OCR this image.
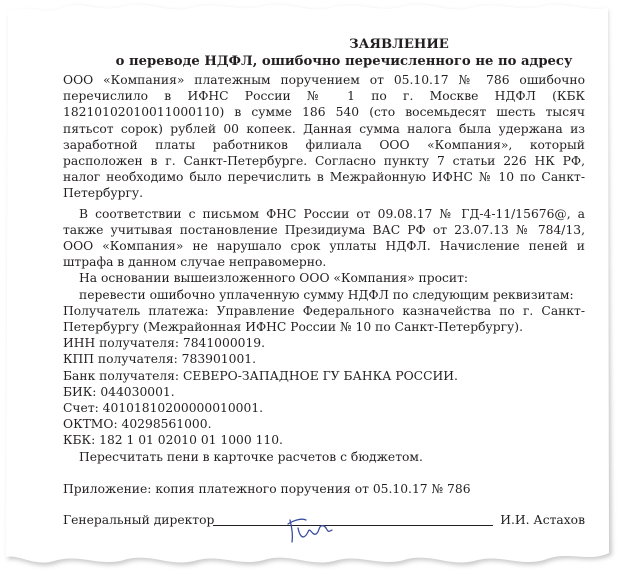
ЗАЯВЛЕНИЕ
о переводе НДФЛ, ошибочно перечисленного не по адресу

ООО «Компания» платежным поручением от 05.10.17 № 786 ошибочно перечислило в ИФНС России № 1 по г. Москве НДФЛ (КБК 18210102010011000110) в сумме 186 540 (сто восемьдесят шесть тысяч пятьсот сорок) рублей 00 копеек. Данная сумма налога была удержана из заработной платы работников филиала ООО «Компания», который расположен в г. Санкт-Петербурге. Согласно пункту 7 статьи 226 НК РФ, налог необходимо было перечислить в Межрайонную ИФНС № 10 по Санкт-Петербургу.

В соответствии с письмом ФНС России от 09.08.17 № ГД-4-11/15676@, а также учитывая постановление Президиума ВАС РФ от 23.07.13 № 784/13, ООО «Компания» не нарушало срок уплаты НДФЛ. Начисление пеней и штрафа в данном случае неправомерно.

На основании вышеизложенного ООО «Компания» просит:

перевести ошибочно уплаченную сумму НДФЛ по следующим реквизитам:

Получатель платежа: Управление Федерального казначейства по г. Санкт-Петербургу (Межрайонная ИФНС России № 10 по Санкт-Петербургу).

ИНН получателя: 7841000019.

КПП получателя: 783901001.

Банк получателя: СЕВЕРО-ЗАПАДНОЕ ГУ БАНКА РОССИИ.

БИК: 044030001.

Счет: 40101810200000010001.

ОКТМО: 40298561000.

КБК: 182 1 01 02010 01 1000 110.

Пересчитать пени в карточке расчетов с бюджетом.

Приложение: копия платежного поручения от 05.10.17 № 786

Генеральный директор	И.И. Астахов
